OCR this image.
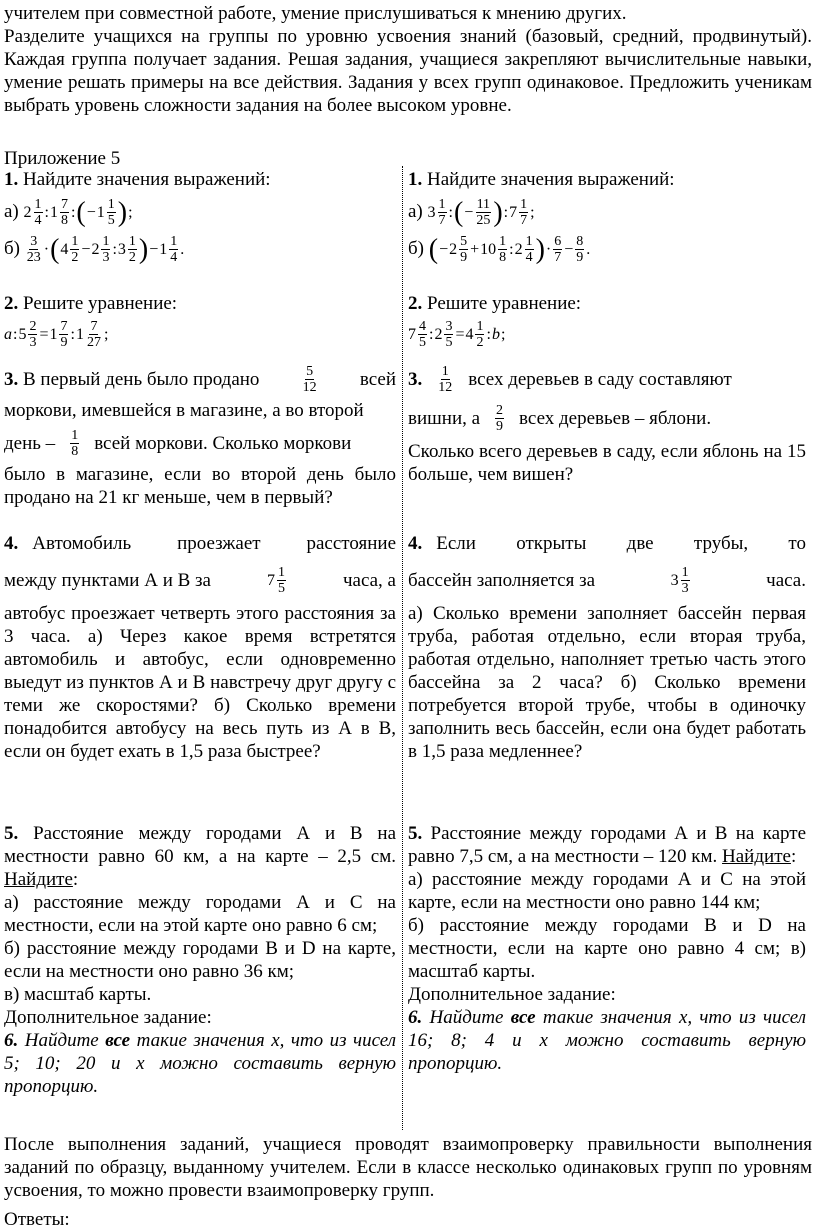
учителем при совместной работе, умение прислушиваться к мнению других.

Разделите учащихся на группы по уровню усвоения знаний (базовый, средний, продвинутый). Каждая группа получает задания. Решая задания, учащиеся закрепляют вычислительные навыки, умение решать примеры на все действия. Задания у всех групп одинаковое. Предложить ученикам выбрать уровень сложности задания на более высоком уровне.

Приложение 5
1. Найдите значения выражений:
а) $2 \frac{1}{4}$ : $1 \frac{7}{8}$ : ( − $1 \frac{1}{5}$ ) ;
$б) \frac{3}{23}$ · ( $4 \frac{1}{2} - 2 \frac{1}{3}$ : $3 \frac{1}{2}$ ) − $1 \frac{1}{4}$ .
2. Решите уравнение:
a : $5 \frac{2}{3} = 1 \frac{7}{9}$ : $1 \frac{7}{27}$ ;
3. В первый день было продано	$\frac{5}{12}$ всей
моркови, имевшейся в магазине, а во второй
день – $\frac{1}{8}$ всей моркови. Сколько моркови
было в магазине, если во второй день было продано на 21 кг меньше, чем в первый?
4. Автомобиль проезжает расстояние
между пунктами А и В за	$7 \frac{1}{5}$	часа, а
автобус проезжает четверть этого расстояния за 3 часа. а) Через какое время встретятся автомобиль и автобус, если одновременно выедут из пунктов А и В навстречу друг другу с теми же скоростями? б) Сколько времени понадобится автобусу на весь путь из А в В, если он будет ехать в 1,5 раза быстрее?
5. Расстояние между городами А и В на местности равно 60 км, а на карте – 2,5 см. Найдите:
а) расстояние между городами А и С на местности, если на этой карте оно равно 6 см;
б) расстояние между городами В и D на карте, если на местности оно равно 36 км;
в) масштаб карты.
Дополнительное задание:
6. Найдите все такие значения х, что из чисел 5; 10; 20 и х можно составить верную пропорцию.
1. Найдите значения выражений:
а) $3 \frac{1}{7}$ : ( − $\frac{11}{25}$ ) : $7 \frac{1}{7}$ ;
б) ( − $2 \frac{5}{9} + 10 \frac{1}{8}$ : $2 \frac{1}{4}$ ) · $\frac{6}{7} - \frac{8}{9}$ .
2. Решите уравнение:
$7 \frac{4}{5}$ : $2 \frac{3}{5} = 4 \frac{1}{2}$ : b ;
3. $\frac{1}{12}$ всех деревьев в саду составляют
вишни, а $\frac{2}{9}$ всех деревьев – яблони.
Сколько всего деревьев в саду, если яблонь на 15 больше, чем вишен?
4. Если открыты две трубы, то
бассейн заполняется за	$3 \frac{1}{3}$	часа.
а) Сколько времени заполняет бассейн первая труба, работая отдельно, если вторая труба, работая отдельно, наполняет третью часть этого бассейна за 2 часа? б) Сколько времени потребуется второй трубе, чтобы в одиночку заполнить весь бассейн, если она будет работать в 1,5 раза медленнее?
5. Расстояние между городами А и В на карте равно 7,5 см, а на местности – 120 км. Найдите:
а) расстояние между городами А и С на этой карте, если на местности оно равно 144 км;
б) расстояние между городами В и D на местности, если на карте оно равно 4 см; в) масштаб карты.
Дополнительное задание:
6. Найдите все такие значения х, что из чисел 16; 8; 4 и х можно составить верную пропорцию.
После выполнения заданий, учащиеся проводят взаимопроверку правильности выполнения заданий по образцу, выданному учителем. Если в классе несколько одинаковых групп по уровням усвоения, то можно провести взаимопроверку групп.
Ответы:
